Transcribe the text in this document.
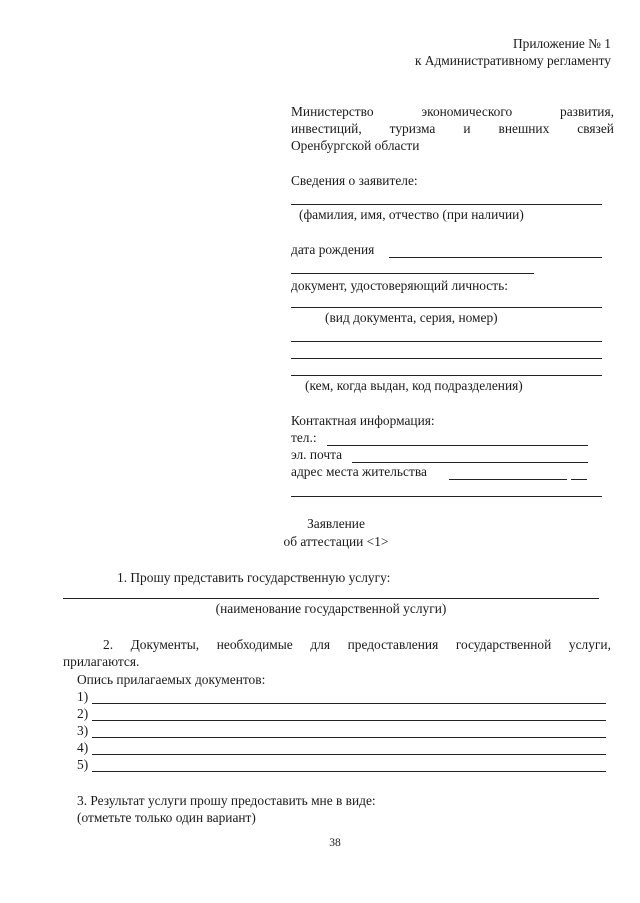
Приложение № 1
к Административному регламенту
Министерство	экономического	развития,
инвестиций, туризма и внешних связей
Оренбургской области
Сведения о заявителе:
(фамилия, имя, отчество (при наличии)
дата рождения
документ, удостоверяющий личность:
(вид документа, серия, номер)
(кем, когда выдан, код подразделения)
Контактная информация:
тел.:
эл. почта
адрес места жительства
Заявление
об аттестации <1>
1. Прошу представить государственную услугу:
(наименование государственной услуги)
2. Документы, необходимые для предоставления государственной услуги,
прилагаются.
Опись прилагаемых документов:
1)
2)
3)
4)
5)
3. Результат услуги прошу предоставить мне в виде:
(отметьте только один вариант)
38
